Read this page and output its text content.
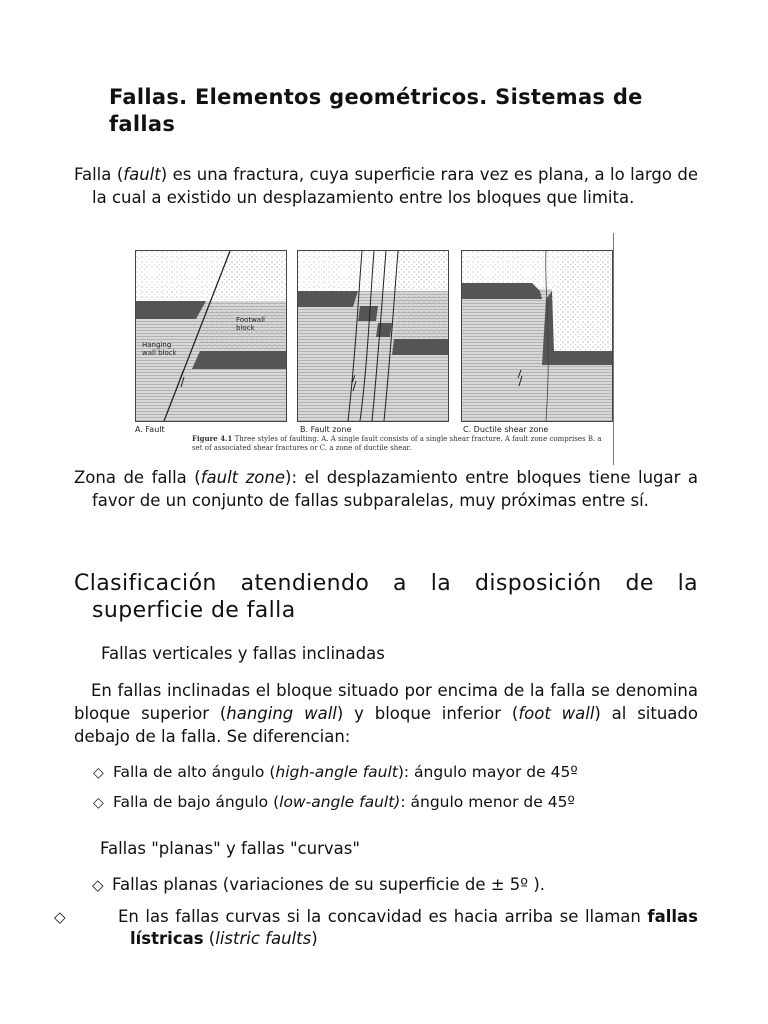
Fallas. Elementos geométricos. Sistemas de fallas
Falla (fault) es una fractura, cuya superficie rara vez es plana, a lo largo de la cual a existido un desplazamiento entre los bloques que limita.
Footwall block
Hanging wall block
A. Fault	B. Fault zone	C. Ductile shear zone
Figure 4.1 Three styles of faulting. A. A single fault consists of a single shear fracture. A fault zone comprises B. a set of associated shear fractures or C. a zone of ductile shear.
Zona de falla (fault zone): el desplazamiento entre bloques tiene lugar a favor de un conjunto de fallas subparalelas, muy próximas entre sí.
Clasificación atendiendo a la disposición de la superficie de falla
Fallas verticales y fallas inclinadas
En fallas inclinadas el bloque situado por encima de la falla se denomina bloque superior (hanging wall) y bloque inferior (foot wall) al situado debajo de la falla. Se diferencian:
◇ Falla de alto ángulo (high-angle fault): ángulo mayor de 45º
◇ Falla de bajo ángulo (low-angle fault): ángulo menor de 45º
Fallas "planas" y fallas "curvas"
◇ Fallas planas (variaciones de su superficie de ± 5º ).
◇	En las fallas curvas si la concavidad es hacia arriba se llaman fallas lístricas (listric faults)
